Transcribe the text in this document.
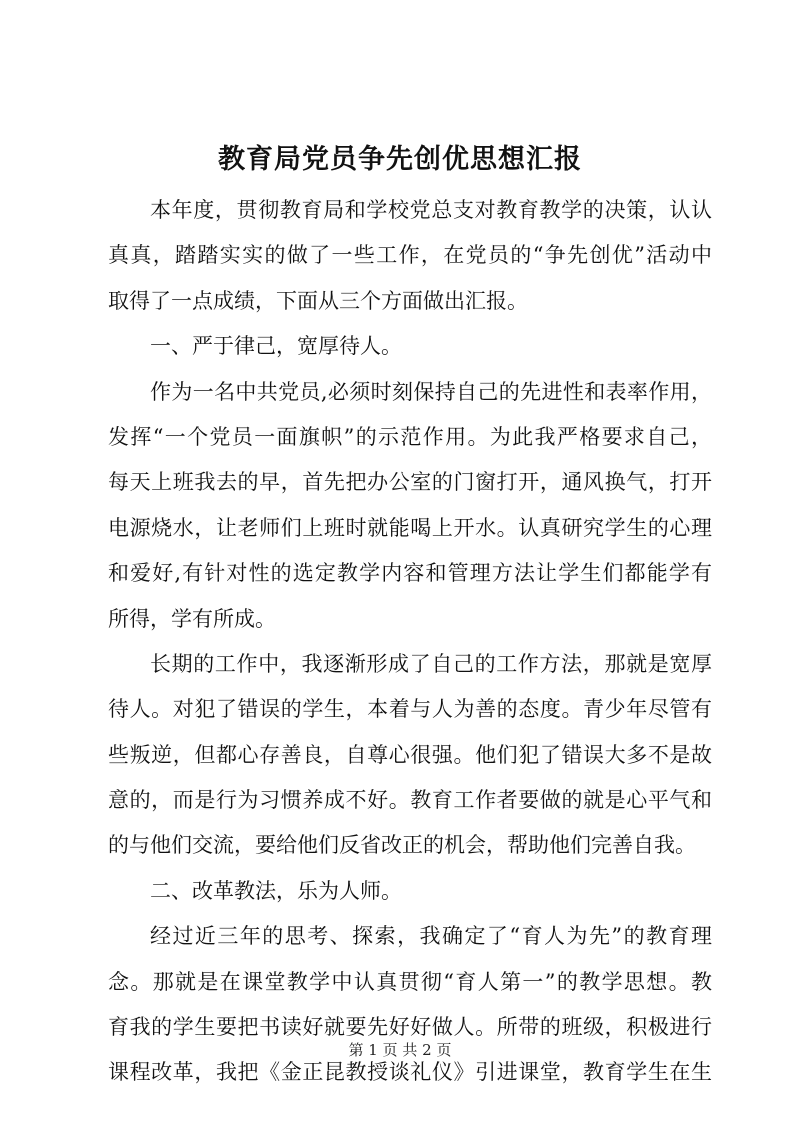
教育局党员争先创优思想汇报
本年度，贯彻教育局和学校党总支对教育教学的决策，认认
真真，踏踏实实的做了一些工作，在党员的“争先创优”活动中
取得了一点成绩，下面从三个方面做出汇报。
一、严于律己，宽厚待人。
作为一名中共党员,必须时刻保持自己的先进性和表率作用，
发挥“一个党员一面旗帜”的示范作用。为此我严格要求自己，
每天上班我去的早，首先把办公室的门窗打开，通风换气，打开
电源烧水，让老师们上班时就能喝上开水。认真研究学生的心理
和爱好,有针对性的选定教学内容和管理方法让学生们都能学有
所得，学有所成。
长期的工作中，我逐渐形成了自己的工作方法，那就是宽厚
待人。对犯了错误的学生，本着与人为善的态度。青少年尽管有
些叛逆，但都心存善良，自尊心很强。他们犯了错误大多不是故
意的，而是行为习惯养成不好。教育工作者要做的就是心平气和
的与他们交流，要给他们反省改正的机会，帮助他们完善自我。
二、改革教法，乐为人师。
经过近三年的思考、探索，我确定了“育人为先”的教育理
念。那就是在课堂教学中认真贯彻“育人第一”的教学思想。教
育我的学生要把书读好就要先好好做人。所带的班级，积极进行
课程改革，我把《金正昆教授谈礼仪》引进课堂，教育学生在生
第 1 页 共 2 页
